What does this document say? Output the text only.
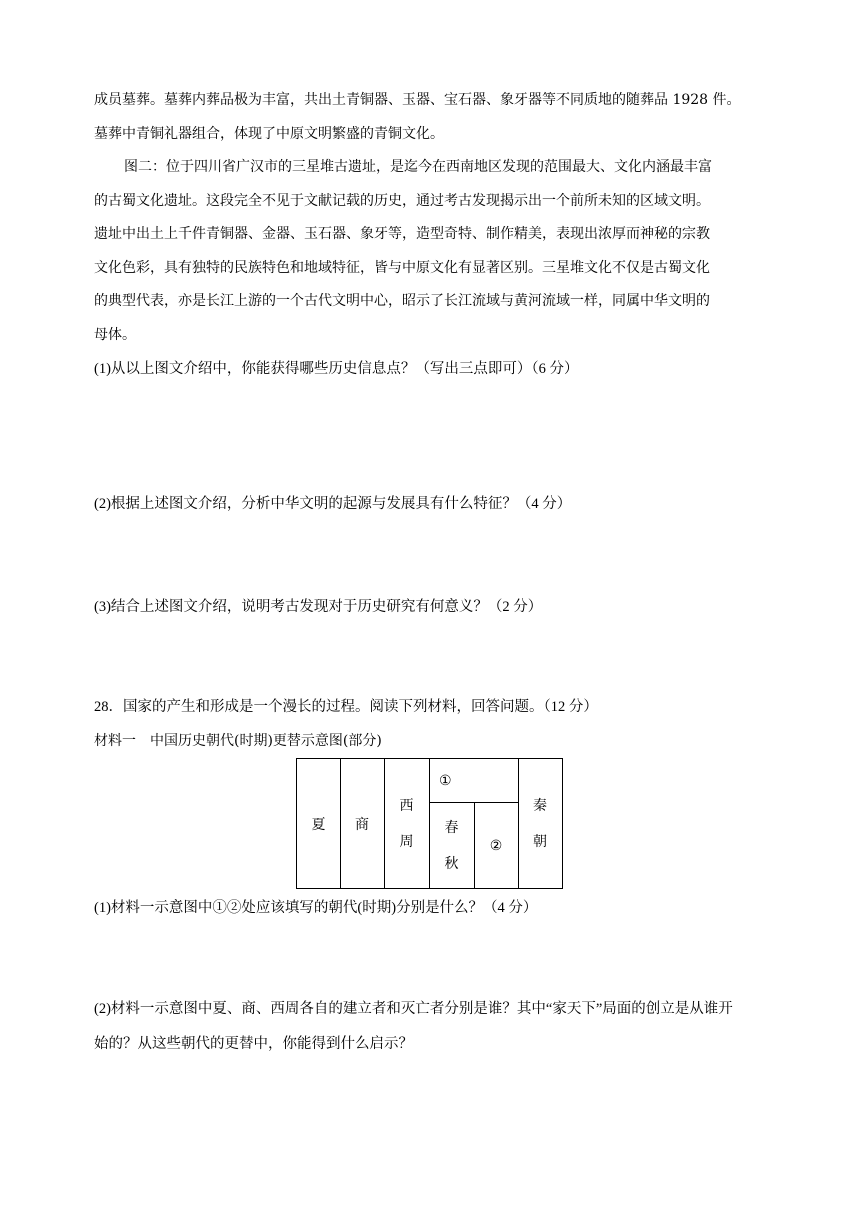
成员墓葬。墓葬内葬品极为丰富，共出土青铜器、玉器、宝石器、象牙器等不同质地的随葬品 1928 件。
墓葬中青铜礼器组合，体现了中原文明繁盛的青铜文化。
图二：位于四川省广汉市的三星堆古遗址，是迄今在西南地区发现的范围最大、文化内涵最丰富
的古蜀文化遗址。这段完全不见于文献记载的历史，通过考古发现揭示出一个前所未知的区域文明。
遗址中出土上千件青铜器、金器、玉石器、象牙等，造型奇特、制作精美，表现出浓厚而神秘的宗教
文化色彩，具有独特的民族特色和地域特征，皆与中原文化有显著区别。三星堆文化不仅是古蜀文化
的典型代表，亦是长江上游的一个古代文明中心，昭示了长江流域与黄河流域一样，同属中华文明的
母体。
(1)从以上图文介绍中，你能获得哪些历史信息点？（写出三点即可）（6 分）
(2)根据上述图文介绍，分析中华文明的起源与发展具有什么特征？（4 分）
(3)结合上述图文介绍，说明考古发现对于历史研究有何意义？（2 分）
28．国家的产生和形成是一个漫长的过程。阅读下列材料，回答问题。（12 分）
材料一　中国历史朝代(时期)更替示意图(部分)
夏 商
西
周
①
春
秋
②
秦
朝
(1)材料一示意图中①②处应该填写的朝代(时期)分别是什么？（4 分）
(2)材料一示意图中夏、商、西周各自的建立者和灭亡者分别是谁？其中“家天下”局面的创立是从谁开
始的？从这些朝代的更替中，你能得到什么启示？
